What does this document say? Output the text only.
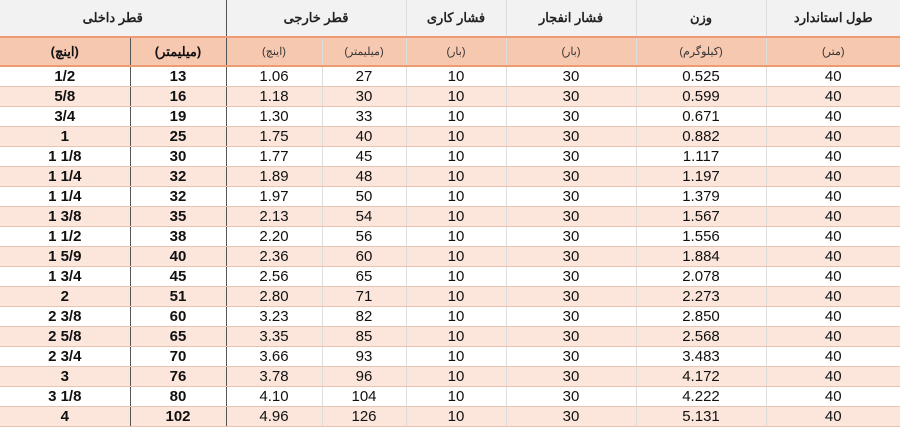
قطر داخلی		قطر خارجی		فشار کاری	فشار انفجار	وزن	طول استاندارد
(اینچ)	(میلیمتر)	(اینچ)	(میلیمتر)	(بار)	(بار)	(کیلوگرم)	(متر)
1/2	13	1.06	27	10	30	0.525	40
5/8	16	1.18	30	10	30	0.599	40
3/4	19	1.30	33	10	30	0.671	40
1	25	1.75	40	10	30	0.882	40
1 1/8	30	1.77	45	10	30	1.117	40
1 1/4	32	1.89	48	10	30	1.197	40
1 1/4	32	1.97	50	10	30	1.379	40
1 3/8	35	2.13	54	10	30	1.567	40
1 1/2	38	2.20	56	10	30	1.556	40
1 5/9	40	2.36	60	10	30	1.884	40
1 3/4	45	2.56	65	10	30	2.078	40
2	51	2.80	71	10	30	2.273	40
2 3/8	60	3.23	82	10	30	2.850	40
2 5/8	65	3.35	85	10	30	2.568	40
2 3/4	70	3.66	93	10	30	3.483	40
3	76	3.78	96	10	30	4.172	40
3 1/8	80	4.10	104	10	30	4.222	40
4	102	4.96	126	10	30	5.131	40
